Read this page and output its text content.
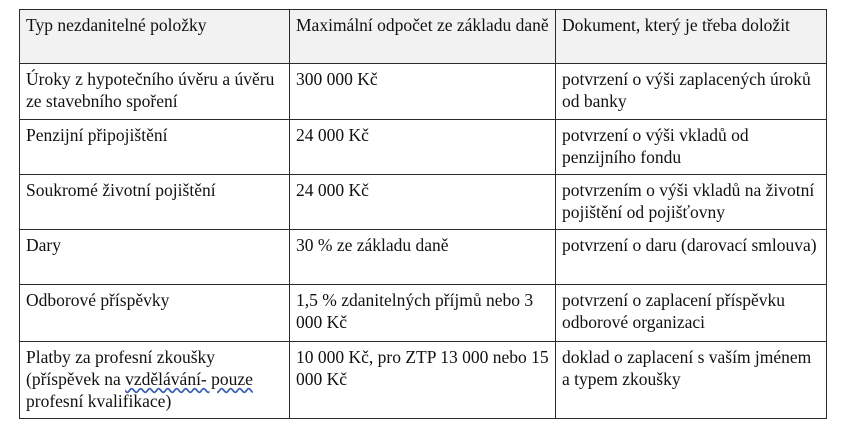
Typ nezdanitelné položky	Maximální odpočet ze základu daně	Dokument, který je třeba doložit
Úroky z hypotečního úvěru a úvěru ze stavebního spoření	300 000 Kč	potvrzení o výši zaplacených úroků od banky
Penzijní připojištění	24 000 Kč	potvrzení o výši vkladů od penzijního fondu
Soukromé životní pojištění	24 000 Kč	potvrzením o výši vkladů na životní pojištění od pojišťovny
Dary	30 % ze základu daně	potvrzení o daru (darovací smlouva)
Odborové příspěvky	1,5 % zdanitelných příjmů nebo 3 000 Kč	potvrzení o zaplacení příspěvku odborové organizaci
Platby za profesní zkoušky (příspěvek na vzdělávání- pouze profesní kvalifikace)	10 000 Kč, pro ZTP 13 000 nebo 15 000 Kč	doklad o zaplacení s vaším jménem a typem zkoušky
